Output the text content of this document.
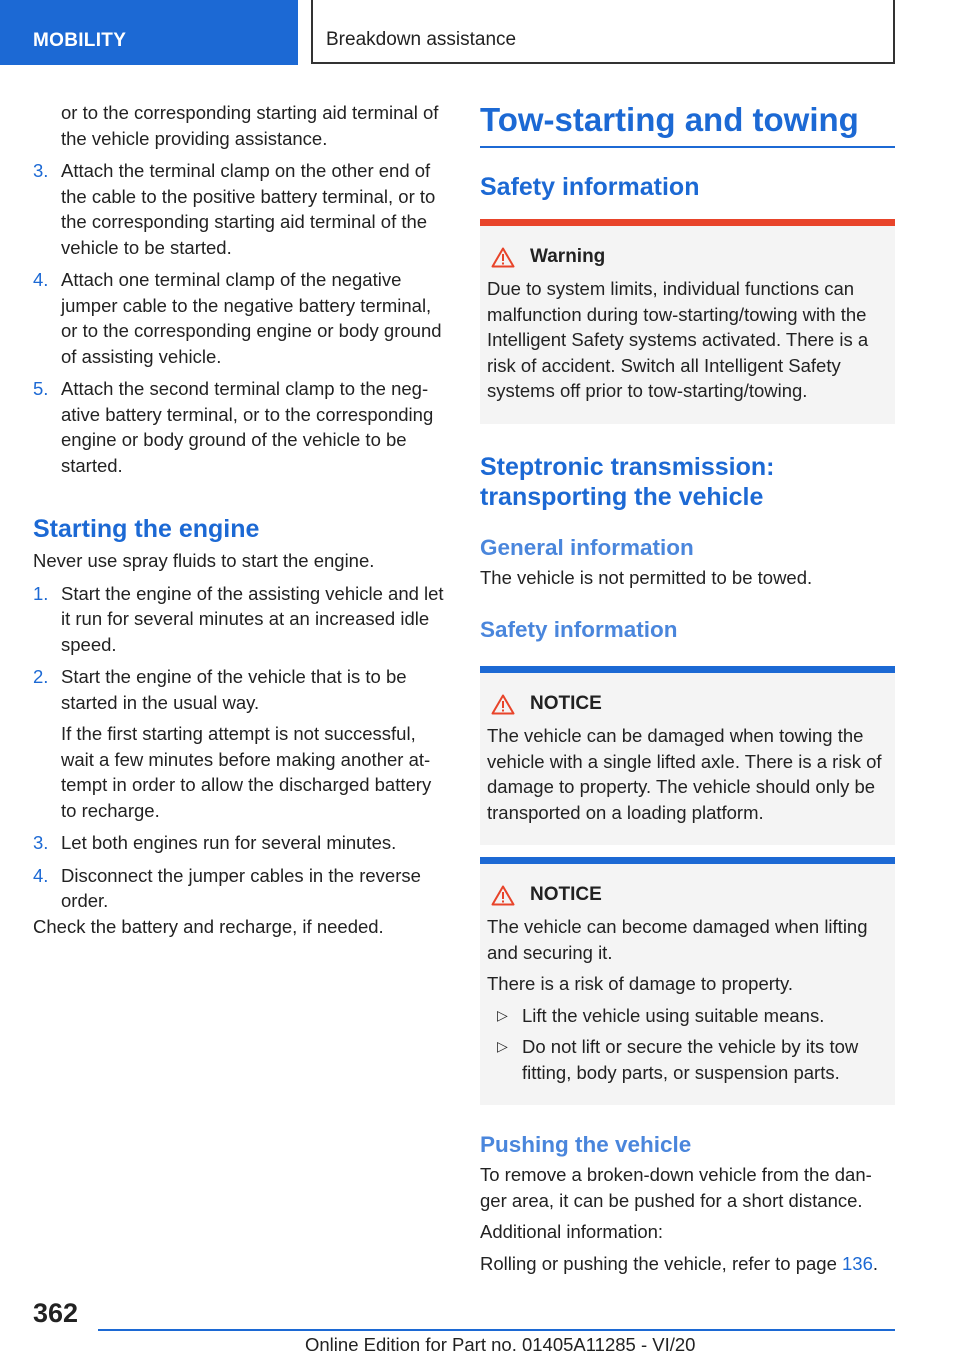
MOBILITY	Breakdown assistance

or to the corresponding starting aid terminal of the vehicle providing assistance.

3. Attach the terminal clamp on the other end of the cable to the positive battery terminal, or to the corresponding starting aid terminal of the vehicle to be started.
4. Attach one terminal clamp of the negative jumper cable to the negative battery terminal, or to the corresponding engine or body ground of assisting vehicle.
5. Attach the second terminal clamp to the neg-ative battery terminal, or to the corresponding engine or body ground of the vehicle to be started.
Starting the engine

Never use spray fluids to start the engine.

1. Start the engine of the assisting vehicle and let it run for several minutes at an increased idle speed.
2. Start the engine of the vehicle that is to be started in the usual way.
If the first starting attempt is not successful, wait a few minutes before making another at-tempt in order to allow the discharged battery to recharge.
3. Let both engines run for several minutes.
4. Disconnect the jumper cables in the reverse order.

Check the battery and recharge, if needed.

Tow-starting and towing
Safety information
Warning

Due to system limits, individual functions can malfunction during tow-starting/towing with the Intelligent Safety systems activated. There is a risk of accident. Switch all Intelligent Safety systems off prior to tow-starting/towing.

Steptronic transmission: transporting the vehicle
General information

The vehicle is not permitted to be towed.

Safety information
NOTICE

The vehicle can be damaged when towing the vehicle with a single lifted axle. There is a risk of damage to property. The vehicle should only be transported on a loading platform.

NOTICE

The vehicle can become damaged when lifting and securing it.

There is a risk of damage to property.

▷ Lift the vehicle using suitable means.
▷ Do not lift or secure the vehicle by its tow fitting, body parts, or suspension parts.
Pushing the vehicle

To remove a broken-down vehicle from the dan-ger area, it can be pushed for a short distance.

Additional information:

Rolling or pushing the vehicle, refer to page 136.

362
Online Edition for Part no. 01405A11285 - VI/20
